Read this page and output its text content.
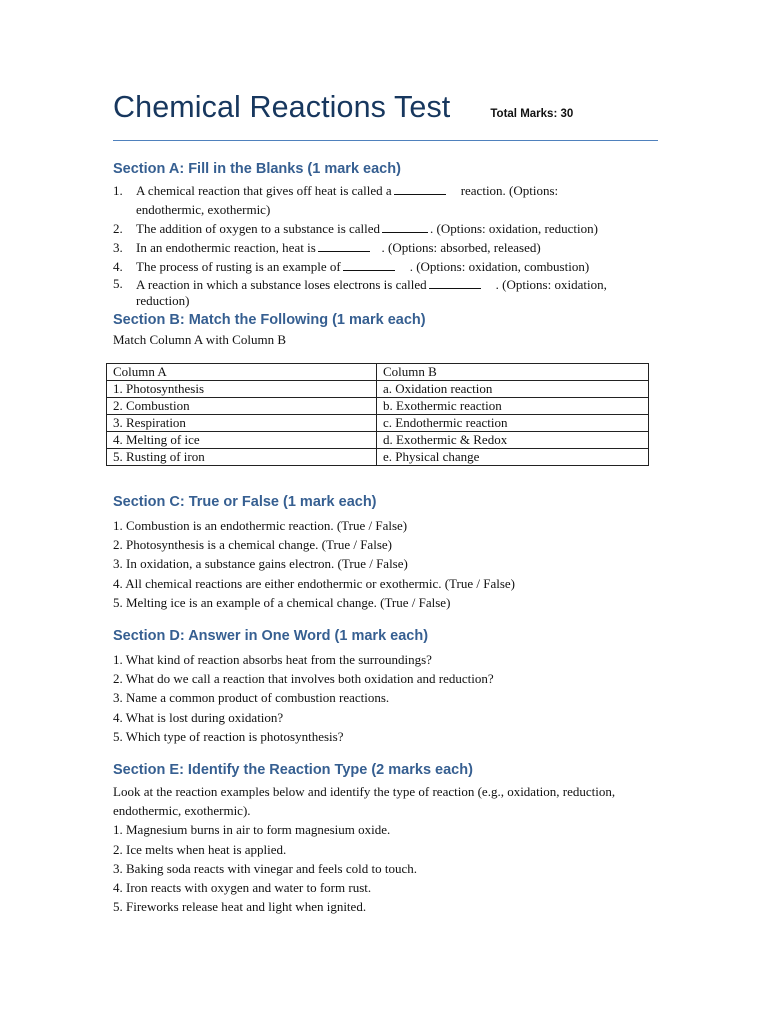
Chemical Reactions Test	Total Marks: 30
Section A: Fill in the Blanks (1 mark each)
1. A chemical reaction that gives off heat is called a	reaction. (Options:
endothermic, exothermic)
2. The addition of oxygen to a substance is called	. (Options: oxidation, reduction)
3. In an endothermic reaction, heat is	. (Options: absorbed, released)
4. The process of rusting is an example of	. (Options: oxidation, combustion)
5. A reaction in which a substance loses electrons is called	. (Options: oxidation,
reduction)
Section B: Match the Following (1 mark each)
Match Column A with Column B
Column A	Column B
1. Photosynthesis	a. Oxidation reaction
2. Combustion	b. Exothermic reaction
3. Respiration	c. Endothermic reaction
4. Melting of ice	d. Exothermic & Redox
5. Rusting of iron	e. Physical change
Section C: True or False (1 mark each)
1. Combustion is an endothermic reaction. (True / False)
2. Photosynthesis is a chemical change. (True / False)
3. In oxidation, a substance gains electron. (True / False)
4. All chemical reactions are either endothermic or exothermic. (True / False)
5. Melting ice is an example of a chemical change. (True / False)
Section D: Answer in One Word (1 mark each)
1. What kind of reaction absorbs heat from the surroundings?
2. What do we call a reaction that involves both oxidation and reduction?
3. Name a common product of combustion reactions.
4. What is lost during oxidation?
5. Which type of reaction is photosynthesis?
Section E: Identify the Reaction Type (2 marks each)
Look at the reaction examples below and identify the type of reaction (e.g., oxidation, reduction, endothermic, exothermic).
1. Magnesium burns in air to form magnesium oxide.
2. Ice melts when heat is applied.
3. Baking soda reacts with vinegar and feels cold to touch.
4. Iron reacts with oxygen and water to form rust.
5. Fireworks release heat and light when ignited.
